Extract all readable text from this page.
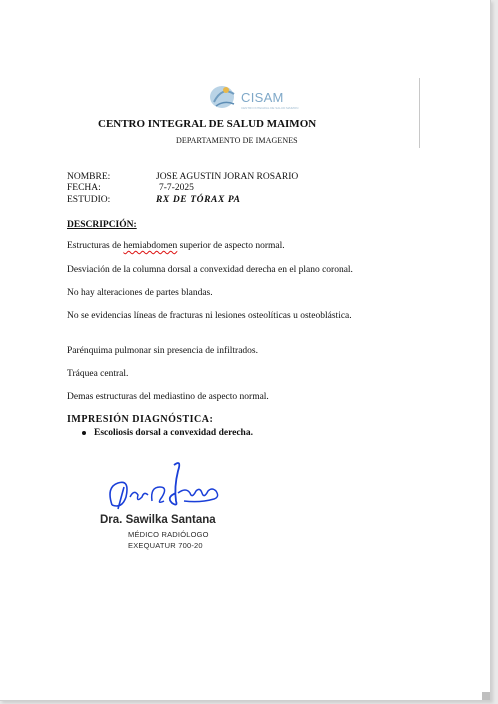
CISAM
CENTRO INTEGRAL DE SALUD MAIMON
CENTRO INTEGRAL DE SALUD MAIMON
DEPARTAMENTO DE IMAGENES
NOMBRE:	JOSE AGUSTIN JORAN ROSARIO
FECHA:	7-7-2025
ESTUDIO:	RX DE TÓRAX PA
DESCRIPCIÓN:

Estructuras de hemiabdomen superior de aspecto normal.

Desviación de la columna dorsal a convexidad derecha en el plano coronal.

No hay alteraciones de partes blandas.

No se evidencias líneas de fracturas ni lesiones osteolíticas u osteoblástica.

Parénquima pulmonar sin presencia de infiltrados.

Tráquea central.

Demas estructuras del mediastino de aspecto normal.

IMPRESIÓN DIAGNÓSTICA:
Escoliosis dorsal a convexidad derecha.
Dra. Sawilka Santana
MÉDICO RADIÓLOGO
EXEQUATUR 700-20
